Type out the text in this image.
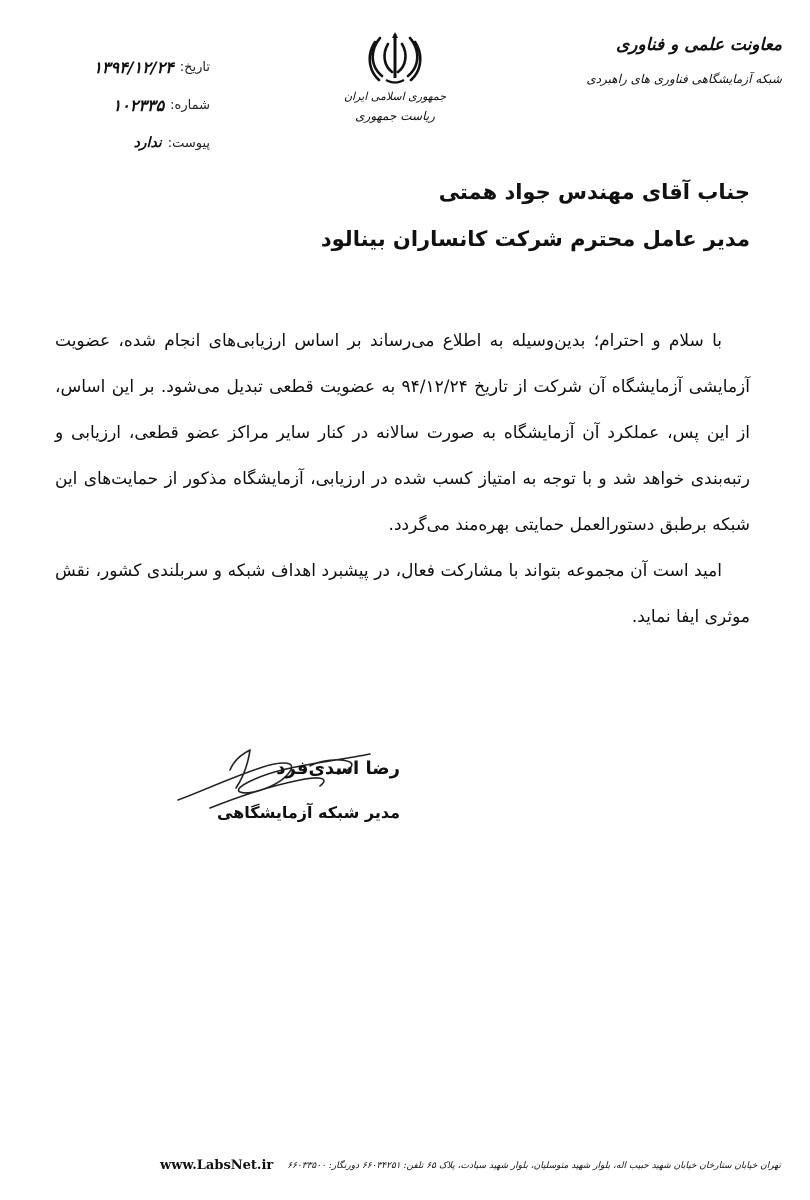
معاونت علمی و فناوری
شبکه آزمایشگاهی فناوری های راهبردی
جمهوری اسلامی ایران
ریاست جمهوری
تاریخ:
۱۳۹۴/۱۲/۲۴
شماره:
۱۰۲۳۳۵
پیوست:
ندارد
جناب آقای مهندس جواد همتی
مدیر عامل محترم شرکت کانساران بینالود

با سلام و احترام؛ بدین‌وسیله به اطلاع می‌رساند بر اساس ارزیابی‌های انجام شده، عضویت آزمایشی آزمایشگاه آن شرکت از تاریخ ۹۴/۱۲/۲۴ به عضویت قطعی تبدیل می‌شود. بر این اساس، از این پس، عملکرد آن آزمایشگاه به صورت سالانه در کنار سایر مراکز عضو قطعی، ارزیابی و رتبه‌بندی خواهد شد و با توجه به امتیاز کسب شده در ارزیابی، آزمایشگاه مذکور از حمایت‌های این شبکه برطبق دستورالعمل حمایتی بهره‌مند می‌گردد.

امید است آن مجموعه بتواند با مشارکت فعال، در پیشبرد اهداف شبکه و سربلندی کشور، نقش موثری ایفا نماید.

رضا اسدی‌فرد
مدیر شبکه آزمایشگاهی
www.LabsNet.ir تهران خیابان ستارخان خیابان شهید حبیب اله، بلوار شهید متوسلیان، بلوار شهید سیادت، پلاک ۶۵ تلفن: ۶۶۰۳۴۲۵۱ دورنگار: ۶۶۰۳۳۵۰۰
